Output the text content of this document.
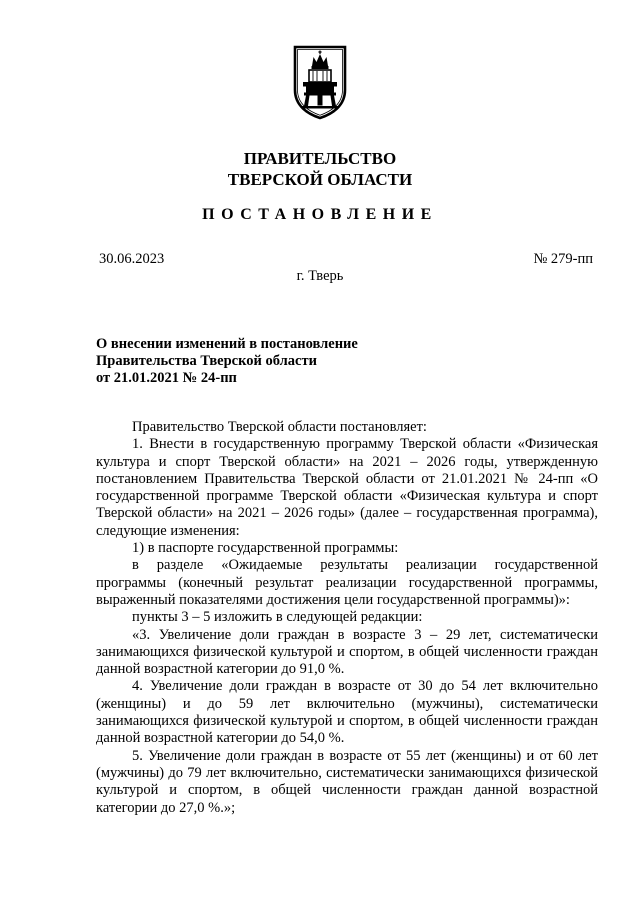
ПРАВИТЕЛЬСТВО
ТВЕРСКОЙ ОБЛАСТИ
ПОСТАНОВЛЕНИЕ
30.06.2023	№ 279-пп
г. Тверь
О внесении изменений в постановление
Правительства Тверской области
от 21.01.2021 № 24-пп

Правительство Тверской области постановляет:

1. Внести в государственную программу Тверской области «Физическая культура и спорт Тверской области» на 2021 – 2026 годы, утвержденную постановлением Правительства Тверской области от 21.01.2021 № 24-пп «О государственной программе Тверской области «Физическая культура и спорт Тверской области» на 2021 – 2026 годы» (далее – государственная программа), следующие изменения:

1) в паспорте государственной программы:

в разделе «Ожидаемые результаты реализации государственной программы (конечный результат реализации государственной программы, выраженный показателями достижения цели государственной программы)»:

пункты 3 – 5 изложить в следующей редакции:

«3. Увеличение доли граждан в возрасте 3 – 29 лет, систематически занимающихся физической культурой и спортом, в общей численности граждан данной возрастной категории до 91,0 %.

4. Увеличение доли граждан в возрасте от 30 до 54 лет включительно (женщины) и до 59 лет включительно (мужчины), систематически занимающихся физической культурой и спортом, в общей численности граждан данной возрастной категории до 54,0 %.

5. Увеличение доли граждан в возрасте от 55 лет (женщины) и от 60 лет (мужчины) до 79 лет включительно, систематически занимающихся физической культурой и спортом, в общей численности граждан данной возрастной категории до 27,0 %.»;
